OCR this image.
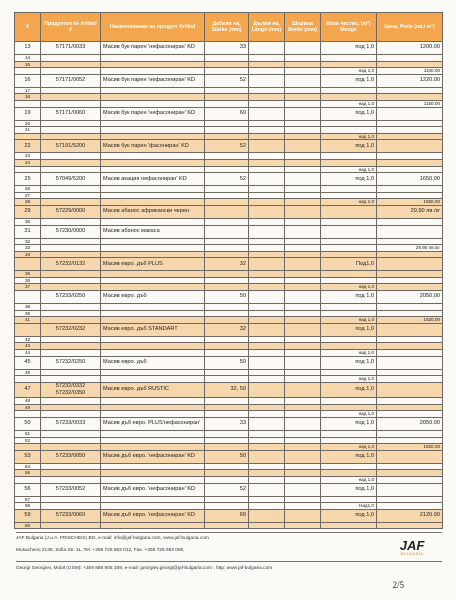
#	Продуктов № Artikel #	Наименование на продукт Artikel	Дебели на, Stärke (mm)	Дължи на, Länge (mm)	Ширина Breite (mm)	Коли чество, (m²) Menge	Цена, Preis (лв./ m²)
13	57171/0033	Масив бук парен 'нефасониран' KD	33			под 1,0	1200.00
14							
15							
						над 1,0	1100.00
16	57171/0052	Масив бук парен 'нефасониран' KD	52			под 1,0	1220.00
17							
18							
						над 1,0	1150.00
19	57171/0060	Масив бук парен 'нефасониран' KD	60			под 1,0	
20							
21							
						над 1,0	
22	57191/5200	Масив бук парен 'фасониран' KD	52			под 1,0	
23							
24							
						над 1,0	
25	57049/5200	Масив акация нефасониран' KD	52			под 1,0	1650,00
26							
27							
28						над 1,0	1550,00
29	57229/0000	Масив абанос африкански черен					29,90 лв./кг
30							
31	57230/0000	Масив абанос макаса					
32							
33							29,90 лв./кг
34							
	57232/0132	Масив евро. дъб PLUS	32			Под1,0	
35							
36							
37						над 1,0	
	57233/0250	Масив евро. дъб	50			под 1,0	2050,00
38							
39							
41						над 1,0	1920,00
	57232/0232	Масив евро. дъб STANDART	32			под 1,0	
42							
43							
44						над 1,0	
45	57232/0250	Масив евро. дъб	50			под 1,0	
46							
						над 1,0	
47	57232/0332 57232/0350	Масив евро. дъб RUSTIC	32, 50			под 1,0	
48							
49							
						над 1,0	
50	57233/0033	Масив дъб евро. PLUS'нефасониран'	33			под 1,0	2050.00
51							
52							
						над 1,0	1920.00
53	57233/0050	Масив дъб евро. 'нефасониран' KD	50			под 1,0	
54							
55							
						над 1,0	
56	57233/0052	Масив дъб евро. 'нефасониран' KD	52			под 1,0	
57							
58						Над1,0	
59	57233/0060	Масив дъб евро. 'нефасониран' KD	60			под 1,0	2120.00
60							
JAF Bulgaria (J.u.A. FRISCHEIS) BG, e-mail: info@jaf-bulgaria.com, www.jaf-bulgaria.com
Musachevo 2139, Sofia Str. 11, Tel. +359 725 663 012, Fax. +359 725 663 090,
Georgi Georgiev, Mobil (GSM): +359 888 905 309, e-mail: georgiev.georgi@jaf-bulgaria.com ; http: www.jaf-bulgaria.com
JAF
BULGARIA
2/5
